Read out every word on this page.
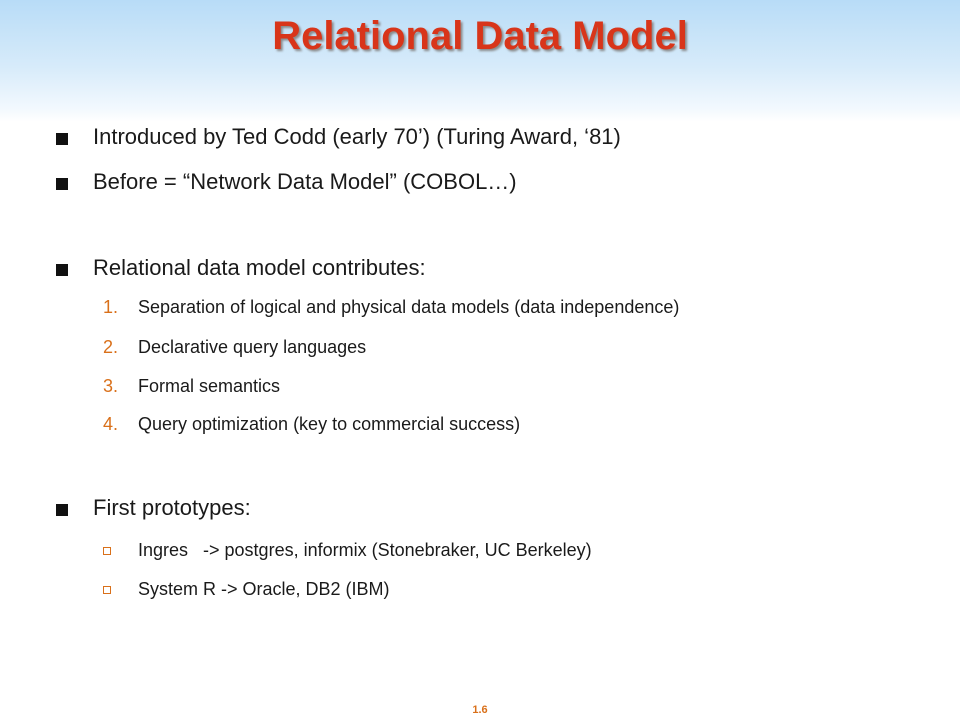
Relational Data Model
Introduced by Ted Codd (early 70’) (Turing Award, ‘81)
Before = “Network Data Model” (COBOL…)
Relational data model contributes:
1. Separation of logical and physical data models (data independence)
2. Declarative query languages
3. Formal semantics
4. Query optimization (key to commercial success)
First prototypes:
Ingres   -> postgres, informix (Stonebraker, UC Berkeley)
System R -> Oracle, DB2 (IBM)
1.6
